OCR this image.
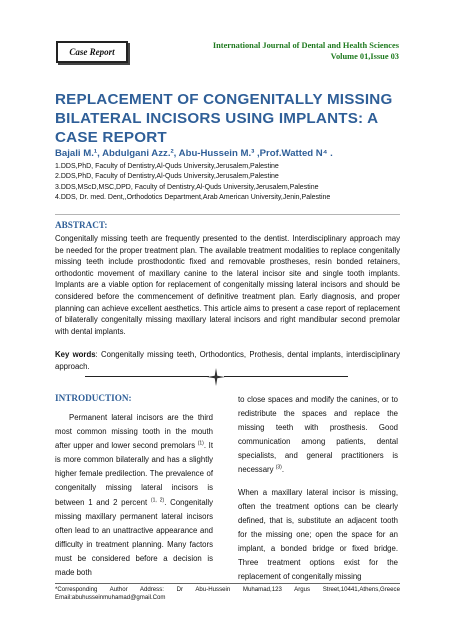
Case Report
International Journal of Dental and Health Sciences
Volume 01,Issue 03
REPLACEMENT OF CONGENITALLY MISSING BILATERAL INCISORS USING IMPLANTS: A CASE REPORT
Bajali M.¹, Abdulgani Azz.², Abu-Hussein M.³ ,Prof.Watted N⁴ .
1.DDS,PhD, Faculty of Dentistry,Al-Quds University,Jerusalem,Palestine
2.DDS,PhD, Faculty of Dentistry,Al-Quds University,Jerusalem,Palestine
3.DDS,MScD,MSC,DPD, Faculty of Dentistry,Al-Quds University,Jerusalem,Palestine
4.DDS, Dr. med. Dent,,Orthodotics Department,Arab American University,Jenin,Palestine
ABSTRACT:
Congenitally missing teeth are frequently presented to the dentist. Interdisciplinary approach may be needed for the proper treatment plan. The available treatment modalities to replace congenitally missing teeth include prosthodontic fixed and removable prostheses, resin bonded retainers, orthodontic movement of maxillary canine to the lateral incisor site and single tooth implants. Implants are a viable option for replacement of congenitally missing lateral incisors and should be considered before the commencement of definitive treatment plan. Early diagnosis, and proper planning can achieve excellent aesthetics. This article aims to present a case report of replacement of bilaterally congenitally missing maxillary lateral incisors and right mandibular second premolar with dental implants.
Key words: Congenitally missing teeth, Orthodontics, Prothesis, dental implants, interdisciplinary approach.
INTRODUCTION:

Permanent lateral incisors are the third most common missing tooth in the mouth after upper and lower second premolars $^{(1)}$. It is more common bilaterally and has a slightly higher female predilection. The prevalence of congenitally missing lateral incisors is between 1 and 2 percent $^{(1, 2)}$. Congenitally missing maxillary permanent lateral incisors often lead to an unattractive appearance and difficulty in treatment planning. Many factors must be considered before a decision is made both

to close spaces and modify the canines, or to redistribute the spaces and replace the missing teeth with prosthesis. Good communication among patients, dental specialists, and general practitioners is necessary $^{(3)}$.

When a maxillary lateral incisor is missing, often the treatment options can be clearly defined, that is, substitute an adjacent tooth for the missing one; open the space for an implant, a bonded bridge or fixed bridge. Three treatment options exist for the replacement of congenitally missing

*Corresponding Author Address: Dr Abu-Hussein Muhamad,123 Argus Street,10441,Athens,Greece
Email:abuhusseinmuhamad@gmail.Com
